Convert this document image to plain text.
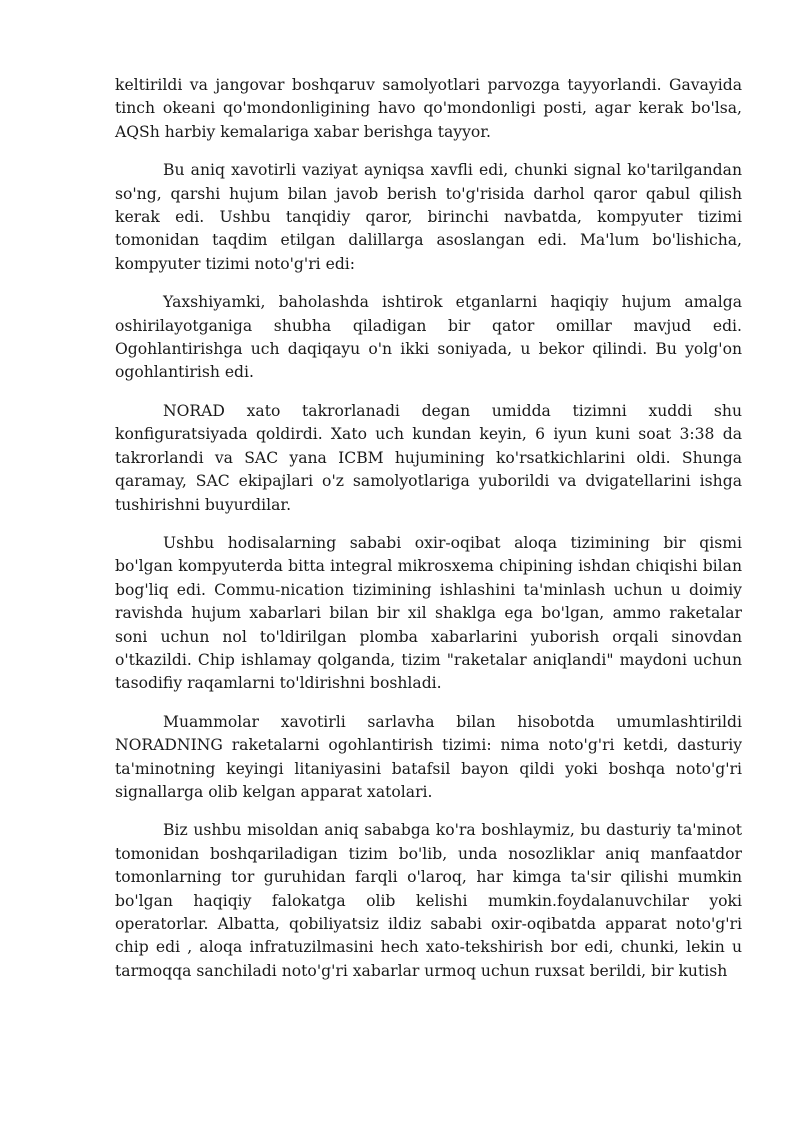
keltirildi va jangovar boshqaruv samolyotlari parvozga tayyorlandi. Gavayida tinch okeani qo'mondonligining havo qo'mondonligi posti, agar kerak bo'lsa, AQSh harbiy kemalariga xabar berishga tayyor.

Bu aniq xavotirli vaziyat ayniqsa xavfli edi, chunki signal ko'tarilgandan so'ng, qarshi hujum bilan javob berish to'g'risida darhol qaror qabul qilish kerak edi. Ushbu tanqidiy qaror, birinchi navbatda, kompyuter tizimi tomonidan taqdim etilgan dalillarga asoslangan edi. Ma'lum bo'lishicha, kompyuter tizimi noto'g'ri edi:

Yaxshiyamki, baholashda ishtirok etganlarni haqiqiy hujum amalga oshirilayotganiga shubha qiladigan bir qator omillar mavjud edi. Ogohlantirishga uch daqiqayu o'n ikki soniyada, u bekor qilindi. Bu yolg'on ogohlantirish edi.

NORAD xato takrorlanadi degan umidda tizimni xuddi shu konfiguratsiyada qoldirdi. Xato uch kundan keyin, 6 iyun kuni soat 3:38 da takrorlandi va SAC yana ICBM hujumining ko'rsatkichlarini oldi. Shunga qaramay, SAC ekipajlari o'z samolyotlariga yuborildi va dvigatellarini ishga tushirishni buyurdilar.

Ushbu hodisalarning sababi oxir-oqibat aloqa tizimining bir qismi bo'lgan kompyuterda bitta integral mikrosxema chipining ishdan chiqishi bilan bog'liq edi. Commu-nication tizimining ishlashini ta'minlash uchun u doimiy ravishda hujum xabarlari bilan bir xil shaklga ega bo'lgan, ammo raketalar soni uchun nol to'ldirilgan plomba xabarlarini yuborish orqali sinovdan o'tkazildi. Chip ishlamay qolganda, tizim "raketalar aniqlandi" maydoni uchun tasodifiy raqamlarni to'ldirishni boshladi.

Muammolar xavotirli sarlavha bilan hisobotda umumlashtirildi NORADNING raketalarni ogohlantirish tizimi: nima noto'g'ri ketdi, dasturiy ta'minotning keyingi litaniyasini batafsil bayon qildi yoki boshqa noto'g'ri signallarga olib kelgan apparat xatolari.

Biz ushbu misoldan aniq sababga ko'ra boshlaymiz, bu dasturiy ta'minot tomonidan boshqariladigan tizim bo'lib, unda nosozliklar aniq manfaatdor tomonlarning tor guruhidan farqli o'laroq, har kimga ta'sir qilishi mumkin bo'lgan haqiqiy falokatga olib kelishi mumkin.foydalanuvchilar yoki operatorlar. Albatta, qobiliyatsiz ildiz sababi oxir-oqibatda apparat noto'g'ri chip edi , aloqa infratuzilmasini hech xato-tekshirish bor edi, chunki, lekin u tarmoqqa sanchiladi noto'g'ri xabarlar urmoq uchun ruxsat berildi, bir kutish
